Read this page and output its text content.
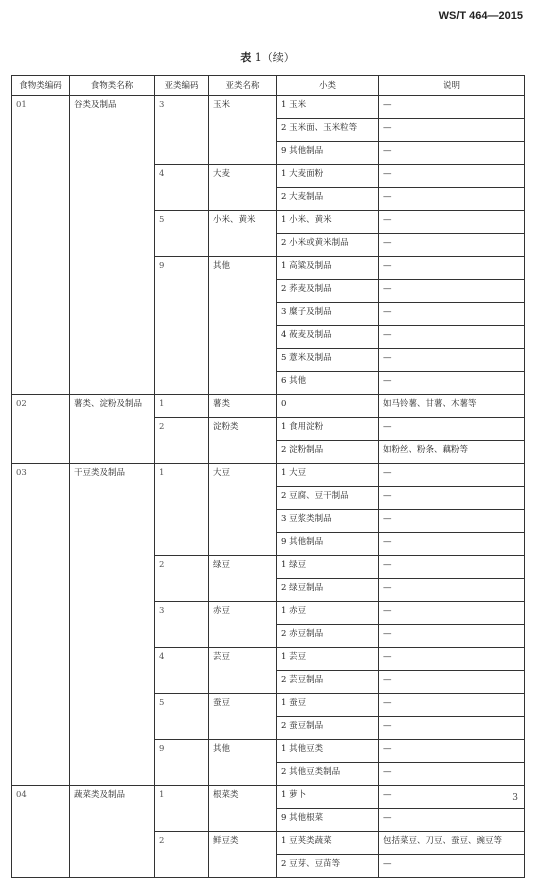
WS/T 464—2015
表 1（续）
食物类编码	食物类名称	亚类编码	亚类名称	小类	说明
01	谷类及制品	3	玉米	1 玉米	—
				2 玉米面、玉米粒等	—
				9 其他制品	—
		4	大麦	1 大麦面粉	—
				2 大麦制品	—
		5	小米、黄米	1 小米、黄米	—
				2 小米或黄米制品	—
		9	其他	1 高粱及制品	—
				2 荞麦及制品	—
				3 糜子及制品	—
				4 莜麦及制品	—
				5 薏米及制品	—
				6 其他	—
02	薯类、淀粉及制品	1	薯类	0	如马铃薯、甘薯、木薯等
		2	淀粉类	1 食用淀粉	—
				2 淀粉制品	如粉丝、粉条、藕粉等
03	干豆类及制品	1	大豆	1 大豆	—
				2 豆腐、豆干制品	—
				3 豆浆类制品	—
				9 其他制品	—
		2	绿豆	1 绿豆	—
				2 绿豆制品	—
		3	赤豆	1 赤豆	—
				2 赤豆制品	—
		4	芸豆	1 芸豆	—
				2 芸豆制品	—
		5	蚕豆	1 蚕豆	—
				2 蚕豆制品	—
		9	其他	1 其他豆类	—
				2 其他豆类制品	—
04	蔬菜类及制品	1	根菜类	1 萝卜	—
				9 其他根菜	—
		2	鲜豆类	1 豆荚类蔬菜	包括菜豆、刀豆、蚕豆、豌豆等
				2 豆芽、豆苗等	—
3
